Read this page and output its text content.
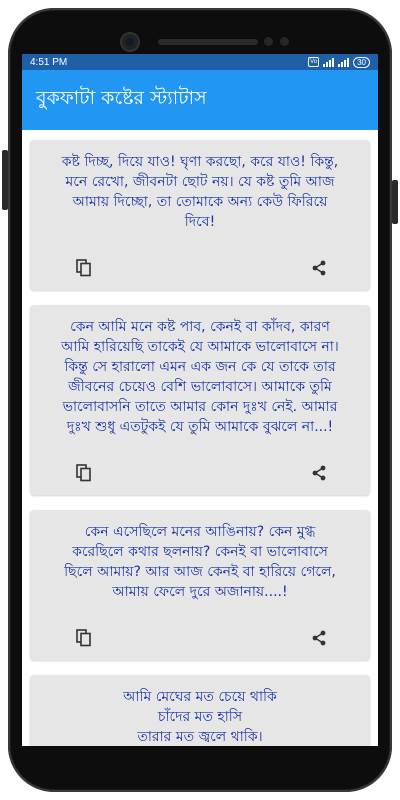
4:51 PM	Vo	30
বুকফাটা কষ্টের স্ট্যাটাস
কষ্ট দিচ্ছ, দিয়ে যাও! ঘৃণা করছো, করে যাও! কিন্তু,
মনে রেখো, জীবনটা ছোট নয়। যে কষ্ট তুমি আজ
আমায় দিচ্ছো, তা তোমাকে অন্য কেউ ফিরিয়ে
দিবে!
কেন আমি মনে কষ্ট পাব, কেনই বা কাঁদব, কারণ
আমি হারিয়েছি তাকেই যে আমাকে ভালোবাসে না।
কিন্তু সে হারালো এমন এক জন কে যে তাকে তার
জীবনের চেয়েও বেশি ভালোবাসে। আমাকে তুমি
ভালোবাসনি তাতে আমার কোন দুঃখ নেই. আমার
দুঃখ শুধু এতটুকই যে তুমি আমাকে বুঝলে না...!
কেন এসেছিলে মনের আঙিনায়? কেন মুগ্ধ
করেছিলে কথার ছলনায়? কেনই বা ভালোবাসে
ছিলে আমায়? আর আজ কেনই বা হারিয়ে গেলে,
আমায় ফেলে দুরে অজানায়....!
আমি মেঘের মত চেয়ে থাকি
চাঁদের মত হাসি
তারার মত জ্বলে থাকি।
